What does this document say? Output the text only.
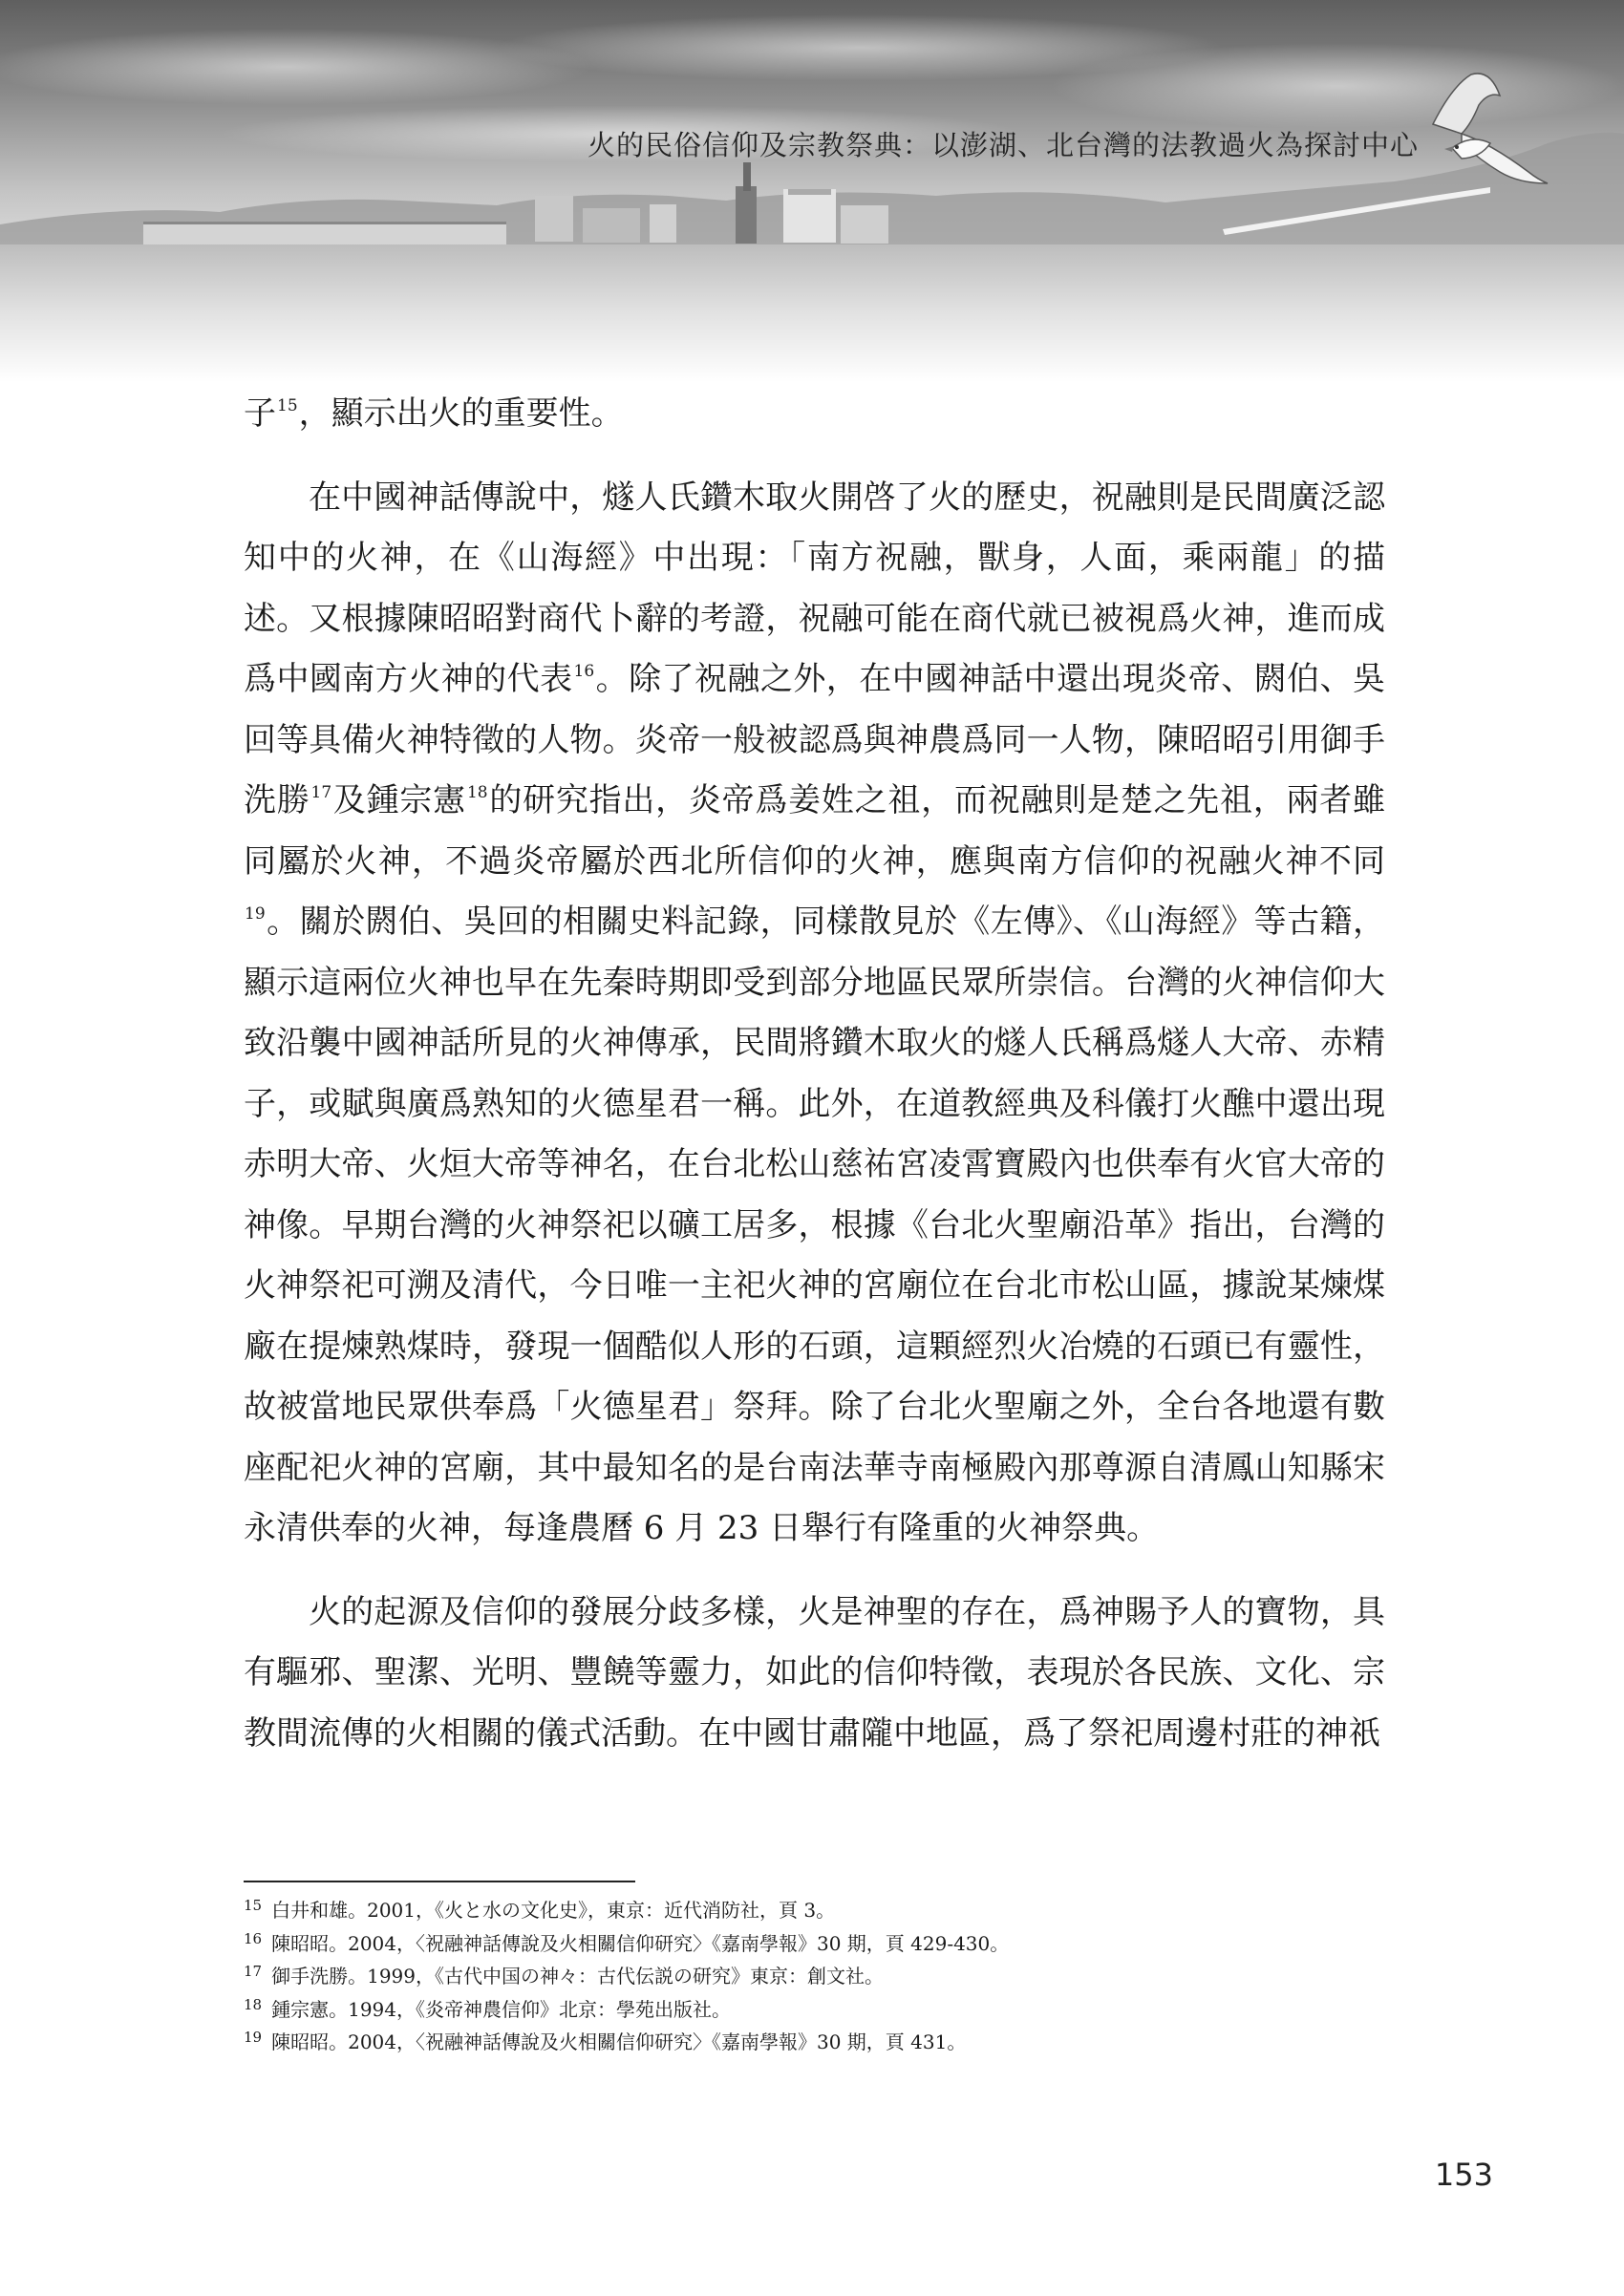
火的民俗信仰及宗教祭典：以澎湖、北台灣的法教過火為探討中心

子$^{15}$，顯示出火的重要性。

在中國神話傳說中，燧人氏鑽木取火開啓了火的歷史，祝融則是民間廣泛認知中的火神，在《山海經》中出現：「南方祝融，獸身，人面，乘兩龍」的描述。又根據陳昭昭對商代卜辭的考證，祝融可能在商代就已被視爲火神，進而成爲中國南方火神的代表$^{16}$。除了祝融之外，在中國神話中還出現炎帝、閼伯、吳回等具備火神特徵的人物。炎帝一般被認爲與神農爲同一人物，陳昭昭引用御手洗勝$^{17}$及鍾宗憲$^{18}$的研究指出，炎帝爲姜姓之祖，而祝融則是楚之先祖，兩者雖同屬於火神，不過炎帝屬於西北所信仰的火神，應與南方信仰的祝融火神不同$^{19}$。關於閼伯、吳回的相關史料記錄，同樣散見於《左傳》、《山海經》等古籍，顯示這兩位火神也早在先秦時期即受到部分地區民眾所崇信。台灣的火神信仰大致沿襲中國神話所見的火神傳承，民間將鑽木取火的燧人氏稱爲燧人大帝、赤精子，或賦與廣爲熟知的火德星君一稱。此外，在道教經典及科儀打火醮中還出現赤明大帝、火烜大帝等神名，在台北松山慈祐宮凌霄寶殿內也供奉有火官大帝的神像。早期台灣的火神祭祀以礦工居多，根據《台北火聖廟沿革》指出，台灣的火神祭祀可溯及清代，今日唯一主祀火神的宮廟位在台北市松山區，據說某煉煤廠在提煉熟煤時，發現一個酷似人形的石頭，這顆經烈火冶燒的石頭已有靈性，故被當地民眾供奉爲「火德星君」祭拜。除了台北火聖廟之外，全台各地還有數座配祀火神的宮廟，其中最知名的是台南法華寺南極殿內那尊源自清鳳山知縣宋永清供奉的火神，每逢農曆 6 月 23 日舉行有隆重的火神祭典。

火的起源及信仰的發展分歧多樣，火是神聖的存在，爲神賜予人的寶物，具有驅邪、聖潔、光明、豐饒等靈力，如此的信仰特徵，表現於各民族、文化、宗教間流傳的火相關的儀式活動。在中國甘肅隴中地區，爲了祭祀周邊村莊的神祇

$^{15}$ 白井和雄。2001，《火と水の文化史》，東京：近代消防社，頁 3。
$^{16}$ 陳昭昭。2004，〈祝融神話傳說及火相關信仰研究〉《嘉南學報》30 期，頁 429-430。
$^{17}$ 御手洗勝。1999，《古代中国の神々：古代伝説の研究》東京：創文社。
$^{18}$ 鍾宗憲。1994，《炎帝神農信仰》北京：學苑出版社。
$^{19}$ 陳昭昭。2004，〈祝融神話傳說及火相關信仰研究〉《嘉南學報》30 期，頁 431。
153
